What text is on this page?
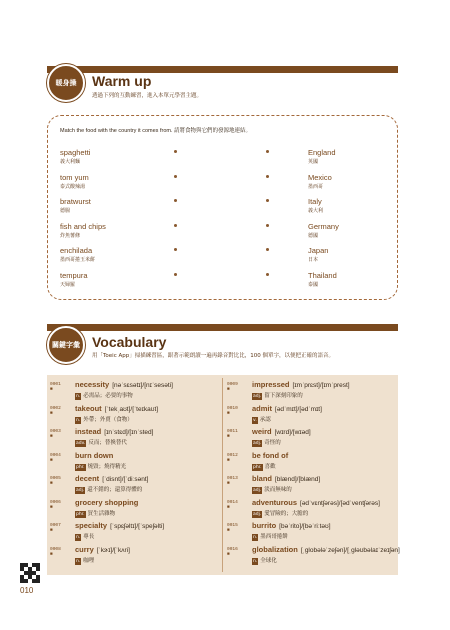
暖身操	Warm up
透過下列的互動練習，進入本單元學習主題。
Match the food with the country it comes from. 請將食物與它們的發源地連結。
spaghetti
義大利麵
England
英國
tom yum
泰式酸辣湯
Mexico
墨西哥
bratwurst
德腸
Italy
義大利
fish and chips
炸魚薯條
Germany
德國
enchilada
墨西哥捲玉米餅
Japan
日本
tempura
天婦羅
Thailand
泰國
關鍵字彙 Vocabulary
用「Toeic App」掃描練習區，跟著示範朗讀一遍再錄音對比比，100 個單字，以便把正確的語音。
0001 ■
necessity [nəˈsɛsətɪ]/[nɪˈsesəti]
n. 必需品；必要的事物
0002 ■
takeout [ˈtekˌaʊt]/[ˈteɪkaʊt]
n. 外帶；外賣（食物）
0003 ■
instead [ɪnˈstɛd]/[ɪnˈsted]
adv. 反而；替換替代
0004 ■
burn down
phr. 燒毀；燒得精光
0005 ■
decent [ˈdisnt]/[ˈdiːsənt]
adj. 還不錯的；還算得體的
0006 ■
grocery shopping
phr. 買生活雜物
0007 ■
specialty [ˈspɛʃəltɪ]/[ˈspeʃəlti]
n. 專長
0008 ■
curry [ˈkɝɪ]/[ˈkʌri]
n. 咖哩
0009 ■
impressed [ɪmˈprɛst]/[ɪmˈprest]
adj. 留下深刻印象的
0010 ■
admit [ədˈmɪt]/[ədˈmɪt]
v. 承認
0011 ■
weird [wɪrd]/[wɪəd]
adj. 奇怪的
0012 ■
be fond of
phr. 喜歡
0013 ■
bland [blænd]/[blænd]
adj. 淡而無味的
0014 ■
adventurous [ədˈvɛntʃərəs]/[ədˈventʃərəs]
adj. 愛冒險的；大膽的
0015 ■
burrito [bəˈrito]/[bəˈriːtəʊ]
n. 墨西哥捲餅
0016 ■
globalization [ˌglobələˈzeʃən]/[ˌɡləʊbəlaɪˈzeɪʃən]
n. 全球化
010
